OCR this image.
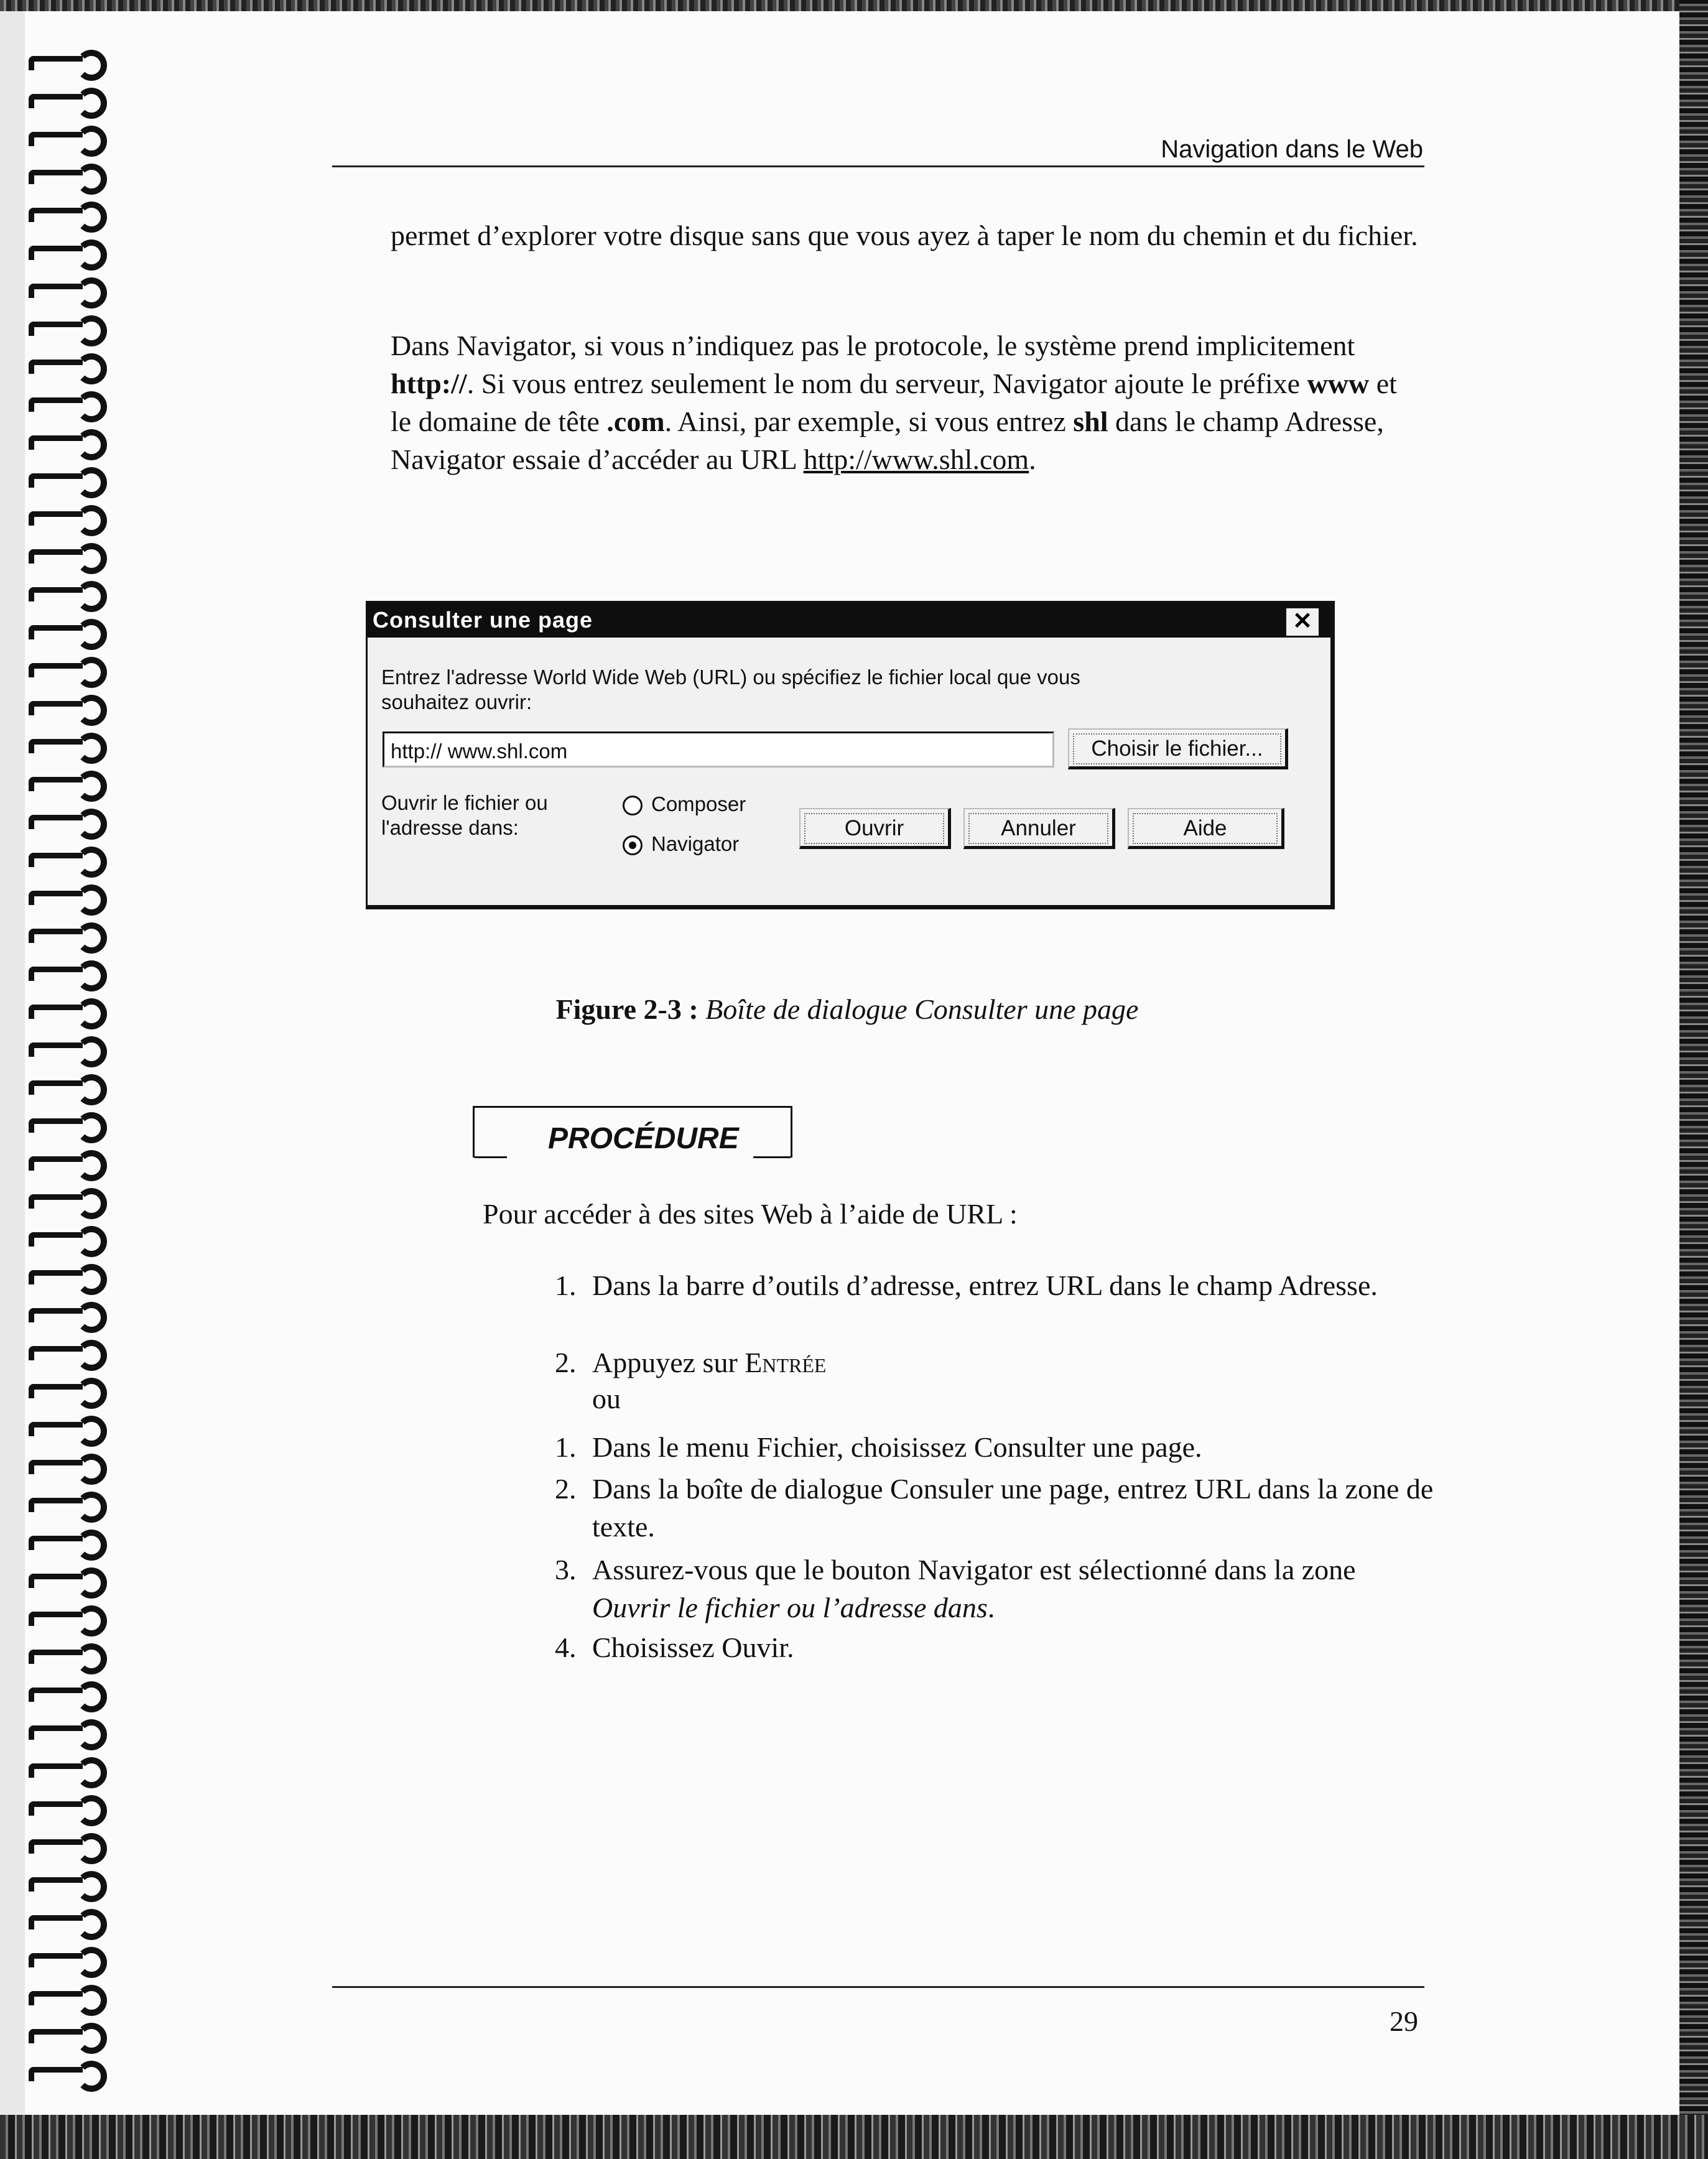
Navigation dans le Web

permet d’explorer votre disque sans que vous ayez à taper le nom du chemin et du fichier.

Dans Navigator, si vous n’indiquez pas le protocole, le système prend implicitement http://. Si vous entrez seulement le nom du serveur, Navigator ajoute le préfixe www et le domaine de tête .com. Ainsi, par exemple, si vous entrez shl dans le champ Adresse, Navigator essaie d’accéder au URL http://www.shl.com.

Consulter une page	✕
Entrez l'adresse World Wide Web (URL) ou spécifiez le fichier local que vous souhaitez ouvrir:
http:// www.shl.com	Choisir le fichier...
Ouvrir le fichier ou l'adresse dans:
Composer
Navigator
Ouvrir	Annuler	Aide
Figure 2-3 : Boîte de dialogue Consulter une page
PROCÉDURE

Pour accéder à des sites Web à l’aide de URL :

1. Dans la barre d’outils d’adresse, entrez URL dans le champ Adresse.
2. Appuyez sur Entrée
ou
1. Dans le menu Fichier, choisissez Consulter une page.
2. Dans la boîte de dialogue Consuler une page, entrez URL dans la zone de texte.
3. Assurez-vous que le bouton Navigator est sélectionné dans la zone Ouvrir le fichier ou l’adresse dans.
4. Choisissez Ouvir.
29
